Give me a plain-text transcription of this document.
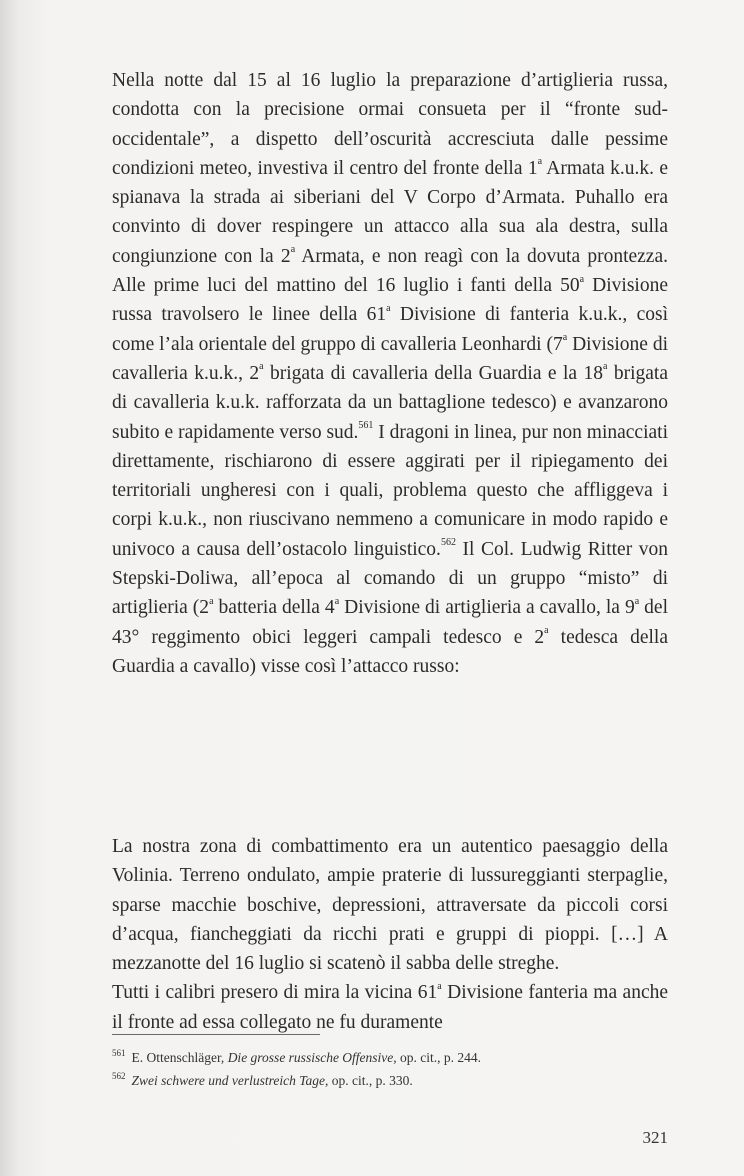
Nella notte dal 15 al 16 luglio la preparazione d’artiglieria russa, condotta con la precisione ormai consueta per il “fronte sud-occidentale”, a dispetto dell’oscurità accresciuta dalle pessime condizioni meteo, investiva il centro del fronte della 1$^a$ Armata k.u.k. e spianava la strada ai siberiani del V Corpo d’Armata. Puhallo era convinto di dover respingere un attacco alla sua ala destra, sulla congiunzione con la 2$^a$ Armata, e non reagì con la dovuta prontezza. Alle prime luci del mattino del 16 luglio i fanti della 50$^a$ Divisione russa travolsero le linee della 61$^a$ Divisione di fanteria k.u.k., così come l’ala orientale del gruppo di cavalleria Leonhardi (7$^a$ Divisione di cavalleria k.u.k., 2$^a$ brigata di cavalleria della Guardia e la 18$^a$ brigata di cavalleria k.u.k. rafforzata da un battaglione tedesco) e avanzarono subito e rapidamente verso sud.$^{561}$ I dragoni in linea, pur non minacciati direttamente, rischiarono di essere aggirati per il ripiegamento dei territoriali ungheresi con i quali, problema questo che affliggeva i corpi k.u.k., non riuscivano nemmeno a comunicare in modo rapido e univoco a causa dell’ostacolo linguistico.$^{562}$ Il Col. Ludwig Ritter von Stepski-Doliwa, all’epoca al comando di un gruppo “misto” di artiglieria (2$^a$ batteria della 4$^a$ Divisione di artiglieria a cavallo, la 9$^a$ del 43° reggimento obici leggeri campali tedesco e 2$^a$ tedesca della Guardia a cavallo) visse così l’attacco russo:

La nostra zona di combattimento era un autentico paesaggio della Volinia. Terreno ondulato, ampie praterie di lussureggianti sterpaglie, sparse macchie boschive, depressioni, attraversate da piccoli corsi d’acqua, fiancheggiati da ricchi prati e gruppi di pioppi. […] A mezzanotte del 16 luglio si scatenò il sabba delle streghe.

Tutti i calibri presero di mira la vicina 61$^a$ Divisione fanteria ma anche il fronte ad essa collegato ne fu duramente

$^{561}$ E. Ottenschläger, Die grosse russische Offensive, op. cit., p. 244.
$^{562}$ Zwei schwere und verlustreich Tage, op. cit., p. 330.
321
